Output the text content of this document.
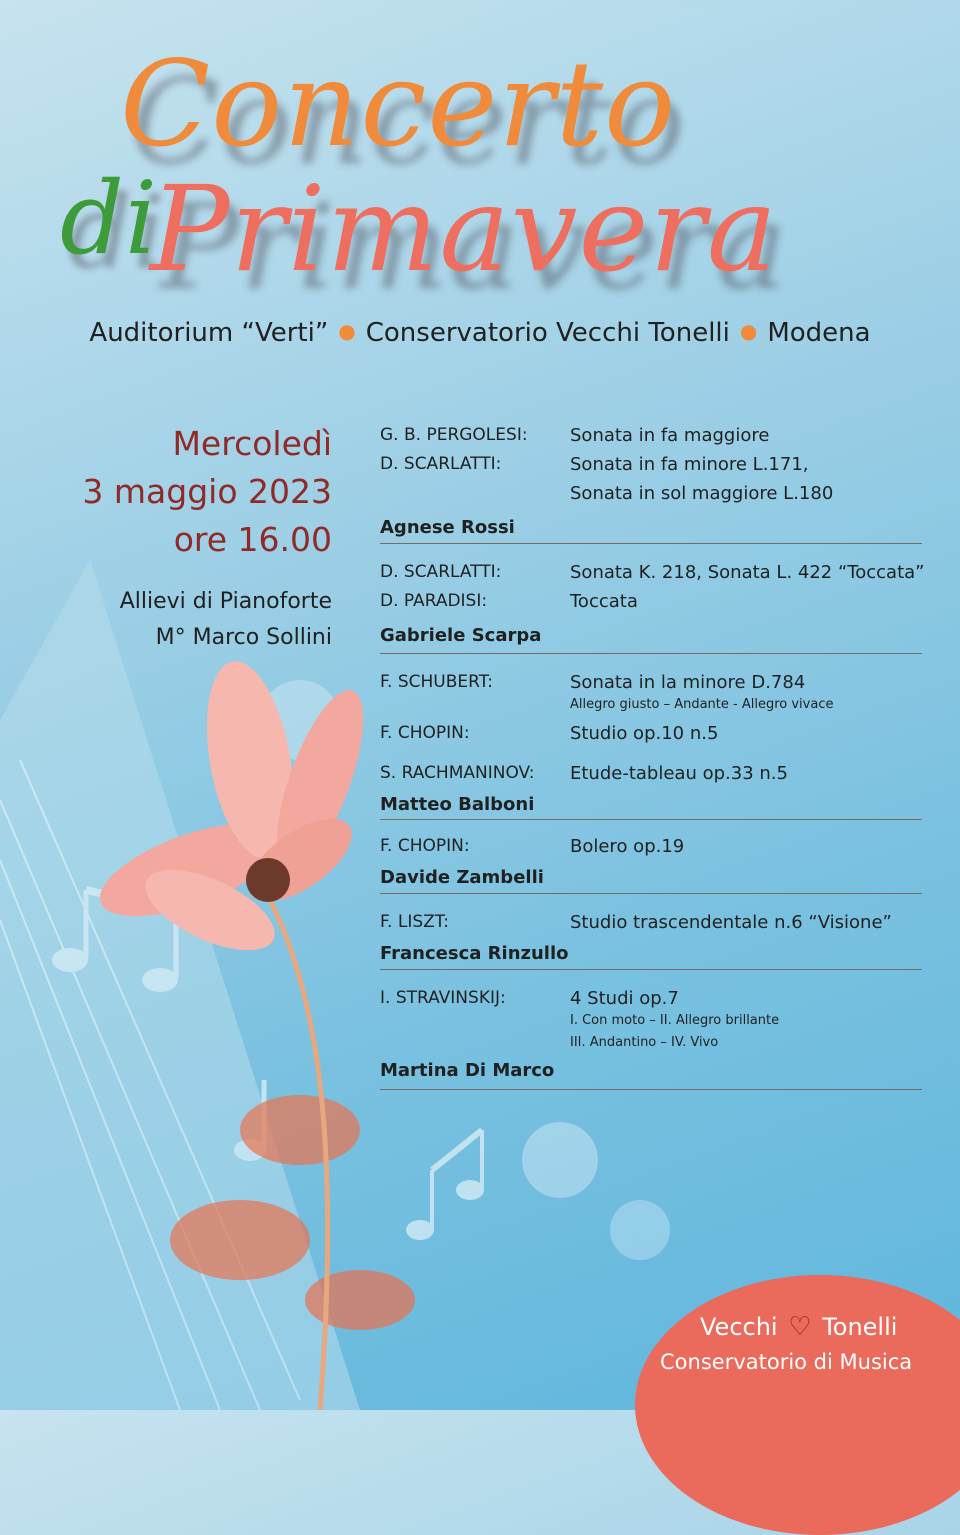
Concerto
di
Primavera
Auditorium “Verti” ● Conservatorio Vecchi Tonelli ● Modena
Mercoledì
3 maggio 2023
ore 16.00
Allievi di Pianoforte
M° Marco Sollini
G. B. PERGOLESI: Sonata in fa maggiore
D. SCARLATTI:	Sonata in fa minore L.171,
Sonata in sol maggiore L.180
Agnese Rossi
D. SCARLATTI:	Sonata K. 218, Sonata L. 422 “Toccata”
D. PARADISI:	Toccata
Gabriele Scarpa
F. SCHUBERT:	Sonata in la minore D.784
Allegro giusto – Andante - Allegro vivace
F. CHOPIN:	Studio op.10 n.5
S. RACHMANINOV: Etude-tableau op.33 n.5
Matteo Balboni
F. CHOPIN:	Bolero op.19
Davide Zambelli
F. LISZT:	Studio trascendentale n.6 “Visione”
Francesca Rinzullo
I. STRAVINSKIJ:	4 Studi op.7
I. Con moto – II. Allegro brillante
III. Andantino – IV. Vivo
Martina Di Marco
Vecchi ♡ Tonelli
Conservatorio di Musica
